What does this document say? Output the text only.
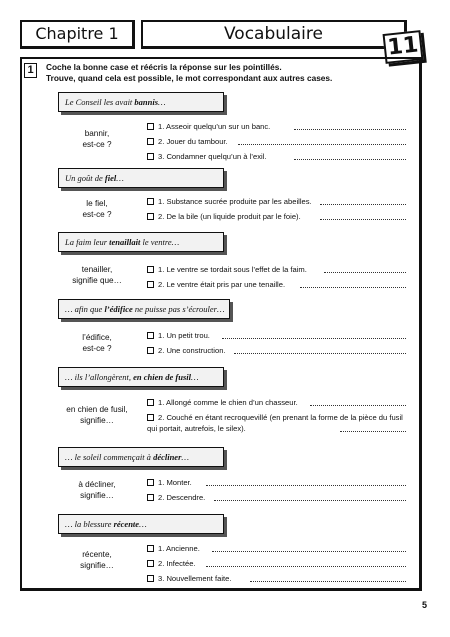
Chapitre 1	Vocabulaire	11
1	Coche la bonne case et réécris la réponse sur les pointillés.
Trouve, quand cela est possible, le mot correspondant aux autres cases.
Le Conseil les avait bannis…
bannir,
est-ce ?
1. Asseoir quelqu’un sur un banc.
2. Jouer du tambour.
3. Condamner quelqu’un à l’exil.
Un goût de fiel…
le fiel,
est-ce ?
1. Substance sucrée produite par les abeilles.
2. De la bile (un liquide produit par le foie).
La faim leur tenaillait le ventre…
tenailler,
signifie que…
1. Le ventre se tordait sous l’effet de la faim.
2. Le ventre était pris par une tenaille.
… afin que l’édifice ne puisse pas s’écrouler…
l’édifice,
est-ce ?
1. Un petit trou.
2. Une construction.
… ils l’allongèrent, en chien de fusil…
en chien de fusil,
signifie…
1. Allongé comme le chien d’un chasseur.
2. Couché en étant recroquevillé (en prenant la forme de la pièce du fusil qui portait, autrefois, le silex).
… le soleil commençait à décliner…
à décliner,
signifie…
1. Monter.
2. Descendre.
… la blessure récente…
récente,
signifie…
1. Ancienne.
2. Infectée.
3. Nouvellement faite.
5
